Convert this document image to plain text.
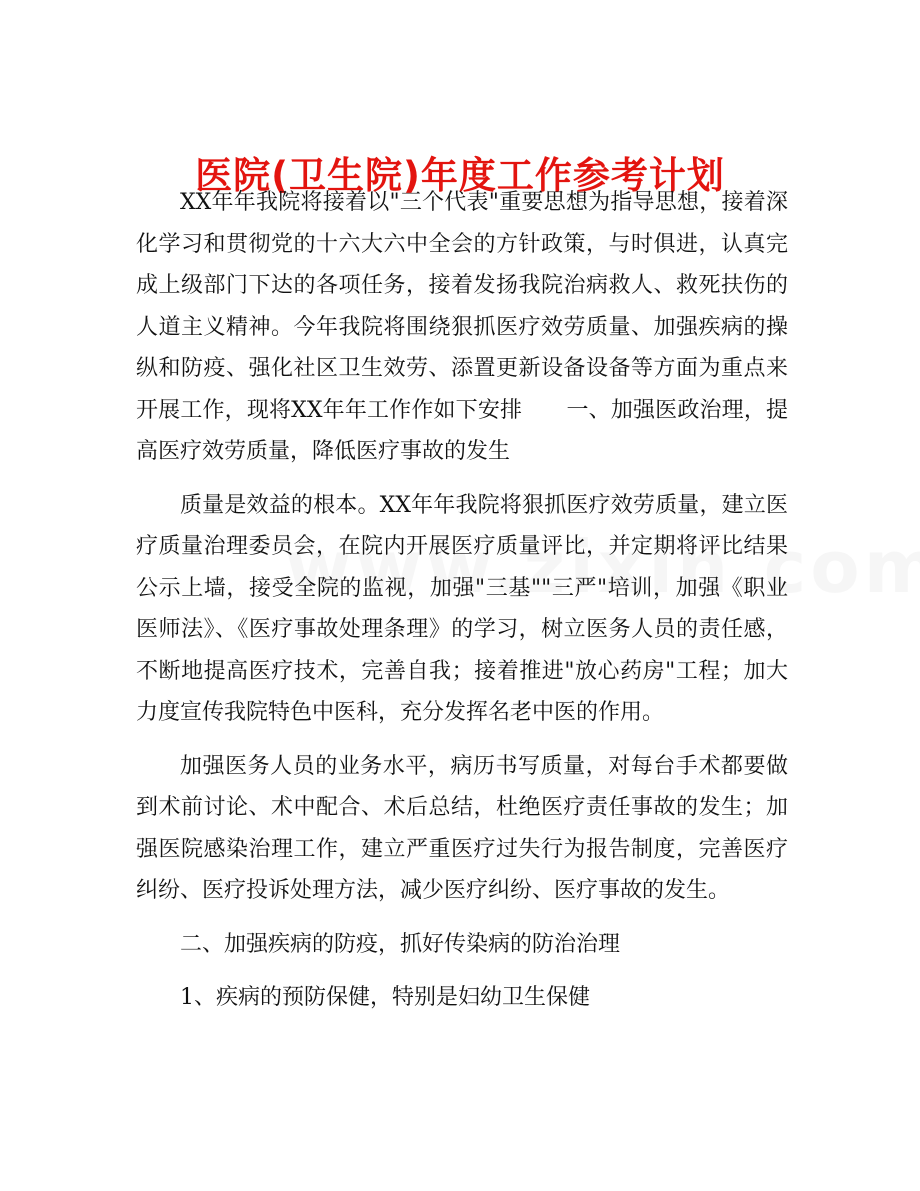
医院(卫生院)年度工作参考计划

XX年年我院将接着以"三个代表"重要思想为指导思想，接着深化学习和贯彻党的十六大六中全会的方针政策，与时俱进，认真完成上级部门下达的各项任务，接着发扬我院治病救人、救死扶伤的人道主义精神。今年我院将围绕狠抓医疗效劳质量、加强疾病的操纵和防疫、强化社区卫生效劳、添置更新设备设备等方面为重点来开展工作，现将XX年年工作作如下安排　　一、加强医政治理，提高医疗效劳质量，降低医疗事故的发生

质量是效益的根本。XX年年我院将狠抓医疗效劳质量，建立医疗质量治理委员会，在院内开展医疗质量评比，并定期将评比结果公示上墙，接受全院的监视，加强"三基""三严"培训，加强《职业医师法》、《医疗事故处理条理》的学习，树立医务人员的责任感，不断地提高医疗技术，完善自我；接着推进"放心药房"工程；加大力度宣传我院特色中医科，充分发挥名老中医的作用。

加强医务人员的业务水平，病历书写质量，对每台手术都要做到术前讨论、术中配合、术后总结，杜绝医疗责任事故的发生；加强医院感染治理工作，建立严重医疗过失行为报告制度，完善医疗纠纷、医疗投诉处理方法，减少医疗纠纷、医疗事故的发生。

二、加强疾病的防疫，抓好传染病的防治治理

1、疾病的预防保健，特别是妇幼卫生保健
